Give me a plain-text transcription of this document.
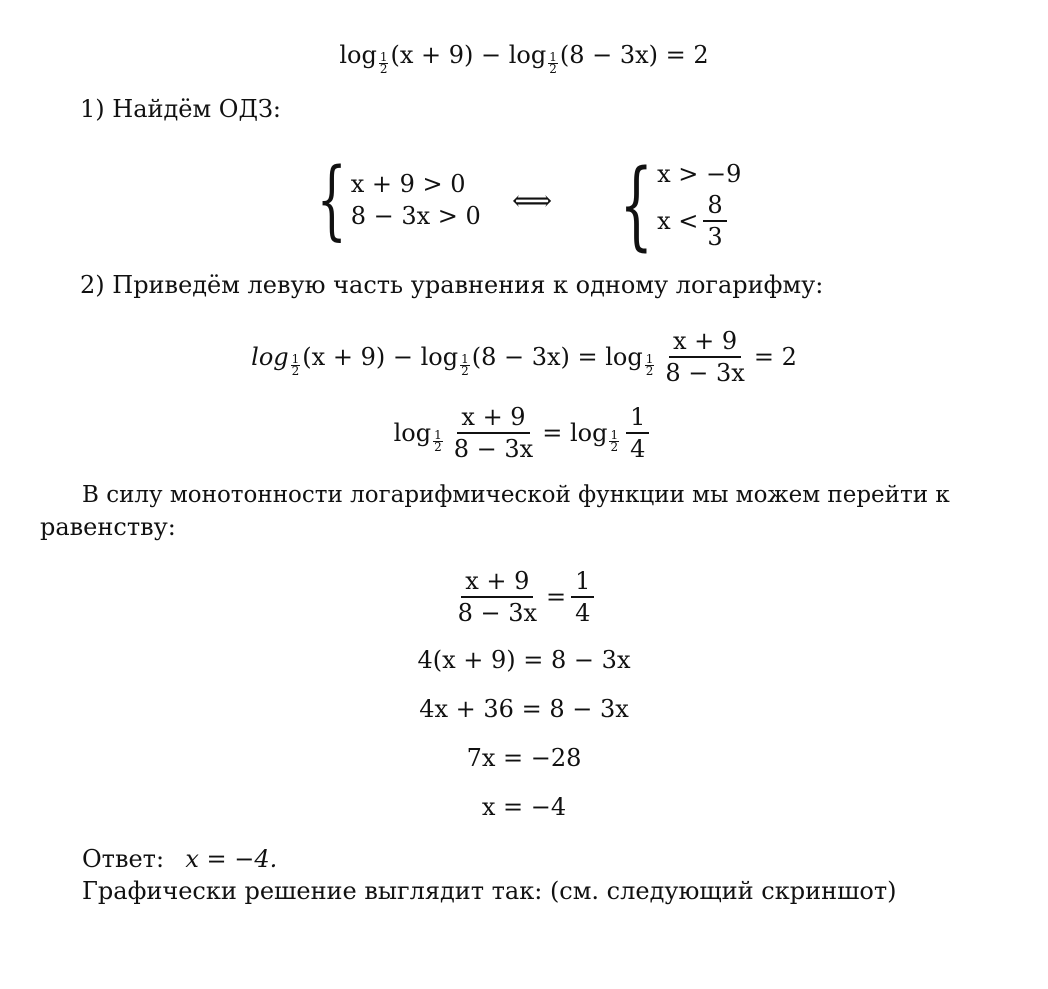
log 1
2 (x + 9) − log 1
2 (8 − 3x) = 2
1) Найдём ОДЗ:
{ x + 9 > 0
8 − 3x > 0 ⟺ { x > −9
$x < \frac{8}{3}$
2) Приведём левую часть уравнения к одному логарифму:
log 1
2 (x + 9) − log 1
2 (8 − 3x) = log 1
$2 \frac{x + 9}{8 - 3x} = 2$
log 1
$2 \frac{x + 9}{8 - 3x} = \log 1$
$2 \frac{1}{4}$
В силу монотонности логарифмической функции мы можем перейти к
равенству:
$\frac{x + 9}{8 - 3x} = \frac{1}{4}$
4(x + 9) = 8 − 3x
4x + 36 = 8 − 3x
7x = −28
x = −4
Ответ: x = −4.
Графически решение выглядит так: (см. следующий скриншот)
